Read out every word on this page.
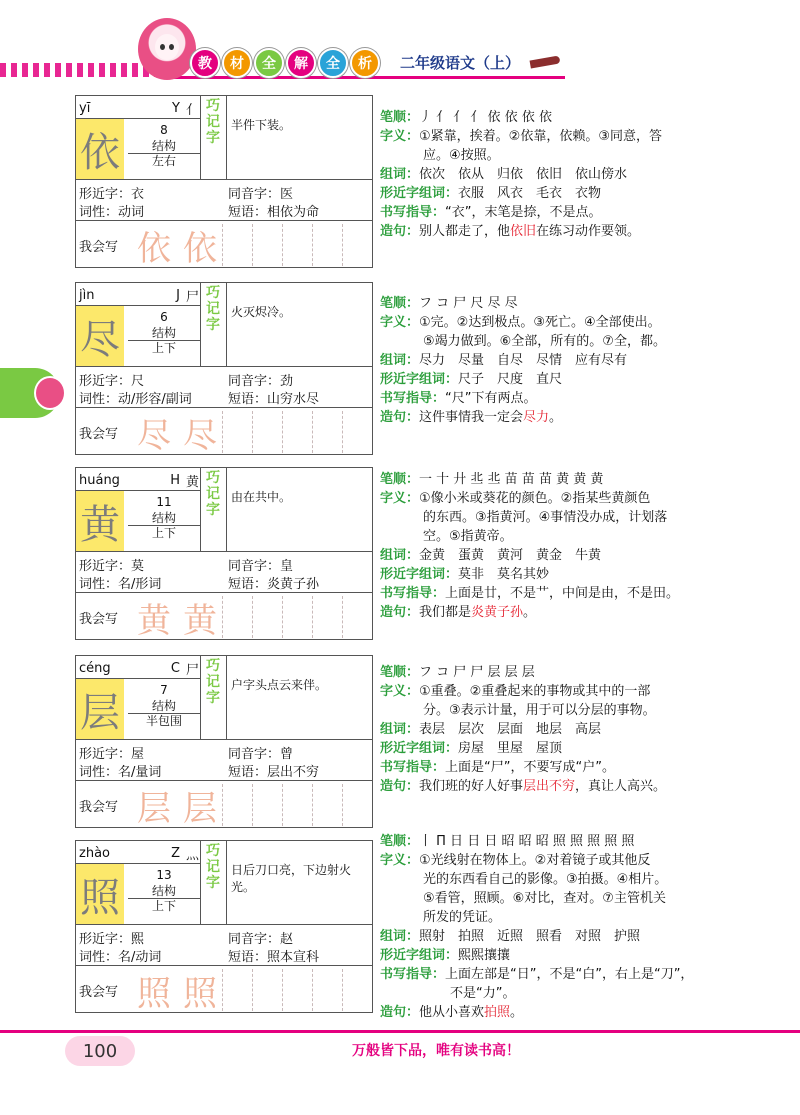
教	材	全	解	全	析	二年级语文（上）
yī	Y 亻
依	8
结构
左右
巧记字
半件下装。
形近字：衣	同音字：医
词性：动词	短语：相依为命
我会写 依 依
jìn	J 尸
尽	6
结构
上下
巧记字
火灭烬冷。
形近字：尺	同音字：劲
词性：动/形容/副词	短语：山穷水尽
我会写 尽 尽
huáng	H 黄
黄	11
结构
上下
巧记字
由在共中。
形近字：莫	同音字：皇
词性：名/形词	短语：炎黄子孙
我会写 黄 黄
céng	C 尸
层	7
结构
半包围
巧记字
户字头点云来伴。
形近字：屋	同音字：曾
词性：名/量词	短语：层出不穷
我会写 层 层
zhào	Z 灬
照	13
结构
上下
巧记字
日后刀口亮，下边射火光。
形近字：熙	同音字：赵
词性：名/动词	短语：照本宣科
我会写 照 照
笔顺：丿 亻 亻 亻 依 依 依 依
字义：①紧靠，挨着。②依靠，依赖。③同意，答
应。④按照。
组词：依次　依从　归依　依旧　依山傍水
形近字组词：衣服　风衣　毛衣　衣物
书写指导：“衣”，末笔是捺，不是点。
造句：别人都走了，他依旧在练习动作要领。
笔顺：フ コ 尸 尺 尽 尽
字义：①完。②达到极点。③死亡。④全部使出。
⑤竭力做到。⑥全部，所有的。⑦全，都。
组词：尽力　尽量　自尽　尽情　应有尽有
形近字组词：尺子　尺度　直尺
书写指导：“尺”下有两点。
造句：这件事情我一定会尽力。
笔顺：一 十 廾 丠 丠 苗 苗 苗 黄 黄 黄
字义：①像小米或葵花的颜色。②指某些黄颜色
的东西。③指黄河。④事情没办成，计划落
空。⑤指黄帝。
组词：金黄　蛋黄　黄河　黄金　牛黄
形近字组词：莫非　莫名其妙
书写指导：上面是廿，不是艹，中间是由，不是田。
造句：我们都是炎黄子孙。
笔顺：フ コ 尸 尸 层 层 层
字义：①重叠。②重叠起来的事物或其中的一部
分。③表示计量，用于可以分层的事物。
组词：表层　层次　层面　地层　高层
形近字组词：房屋　里屋　屋顶
书写指导：上面是“尸”，不要写成“户”。
造句：我们班的好人好事层出不穷，真让人高兴。
笔顺：丨 П 日 日 日 昭 昭 昭 照 照 照 照 照
字义：①光线射在物体上。②对着镜子或其他反
光的东西看自己的影像。③拍摄。④相片。
⑤看管，照顾。⑥对比，查对。⑦主管机关
所发的凭证。
组词：照射　拍照　近照　照看　对照　护照
形近字组词：熙熙攘攘
书写指导：上面左部是“日”，不是“白”，右上是“刀”，
不是“力”。
造句：他从小喜欢拍照。
100	万般皆下品，唯有读书高！
